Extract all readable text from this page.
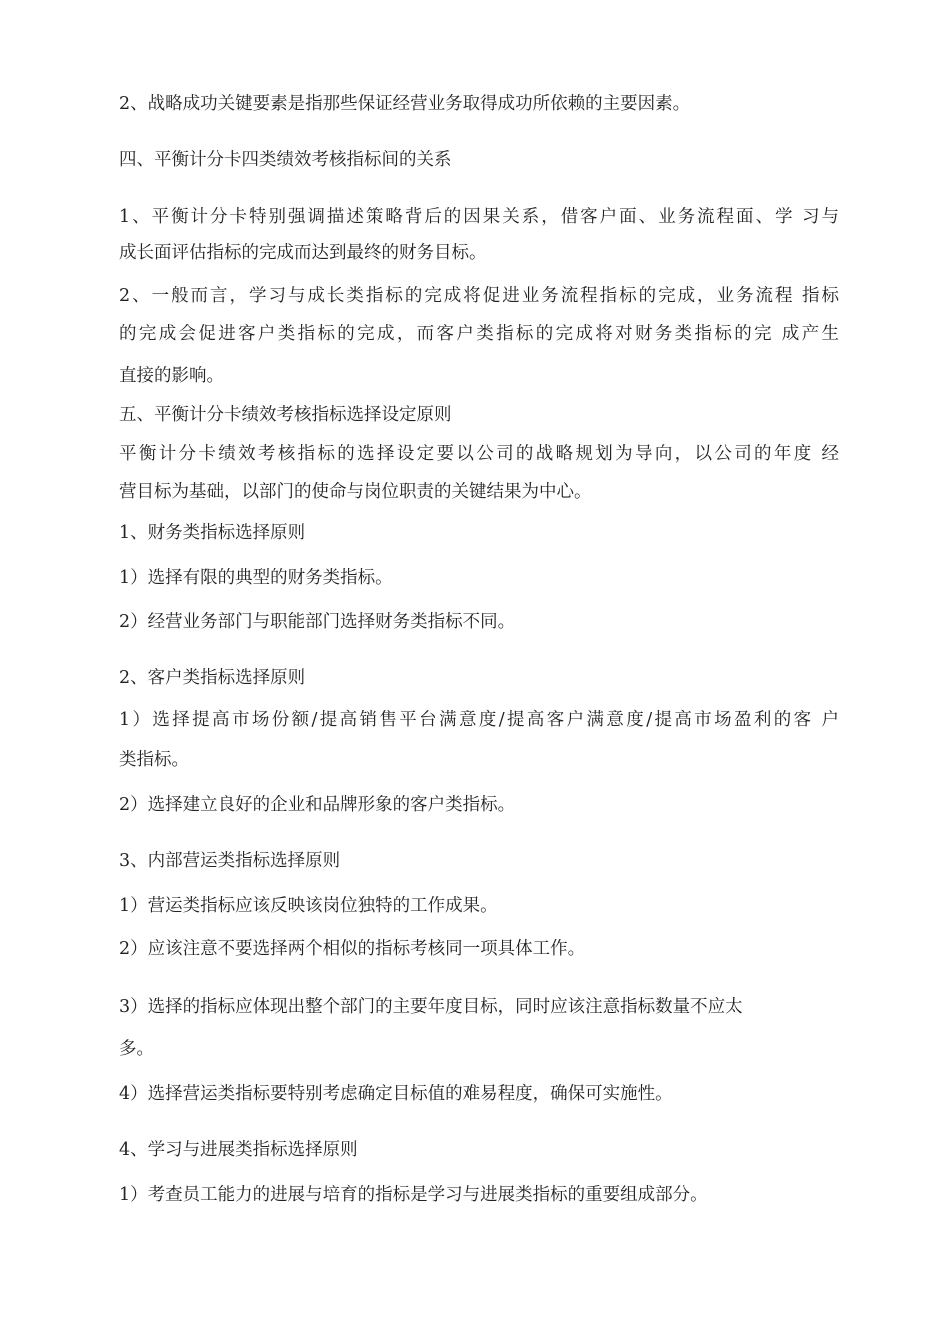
2、战略成功关键要素是指那些保证经营业务取得成功所依赖的主要因素。
四、平衡计分卡四类绩效考核指标间的关系
1、平衡计分卡特别强调描述策略背后的因果关系，借客户面、业务流程面、学 习与
成长面评估指标的完成而达到最终的财务目标。
2、一般而言，学习与成长类指标的完成将促进业务流程指标的完成，业务流程 指标
的完成会促进客户类指标的完成，而客户类指标的完成将对财务类指标的完 成产生
直接的影响。
五、平衡计分卡绩效考核指标选择设定原则
平衡计分卡绩效考核指标的选择设定要以公司的战略规划为导向，以公司的年度 经
营目标为基础，以部门的使命与岗位职责的关键结果为中心。
1、财务类指标选择原则
1）选择有限的典型的财务类指标。
2）经营业务部门与职能部门选择财务类指标不同。
2、客户类指标选择原则
1）选择提高市场份额/提高销售平台满意度/提高客户满意度/提高市场盈利的客 户
类指标。
2）选择建立良好的企业和品牌形象的客户类指标。
3、内部营运类指标选择原则
1）营运类指标应该反映该岗位独特的工作成果。
2）应该注意不要选择两个相似的指标考核同一项具体工作。
3）选择的指标应体现出整个部门的主要年度目标，同时应该注意指标数量不应太
多。
4）选择营运类指标要特别考虑确定目标值的难易程度，确保可实施性。
4、学习与进展类指标选择原则
1）考查员工能力的进展与培育的指标是学习与进展类指标的重要组成部分。
